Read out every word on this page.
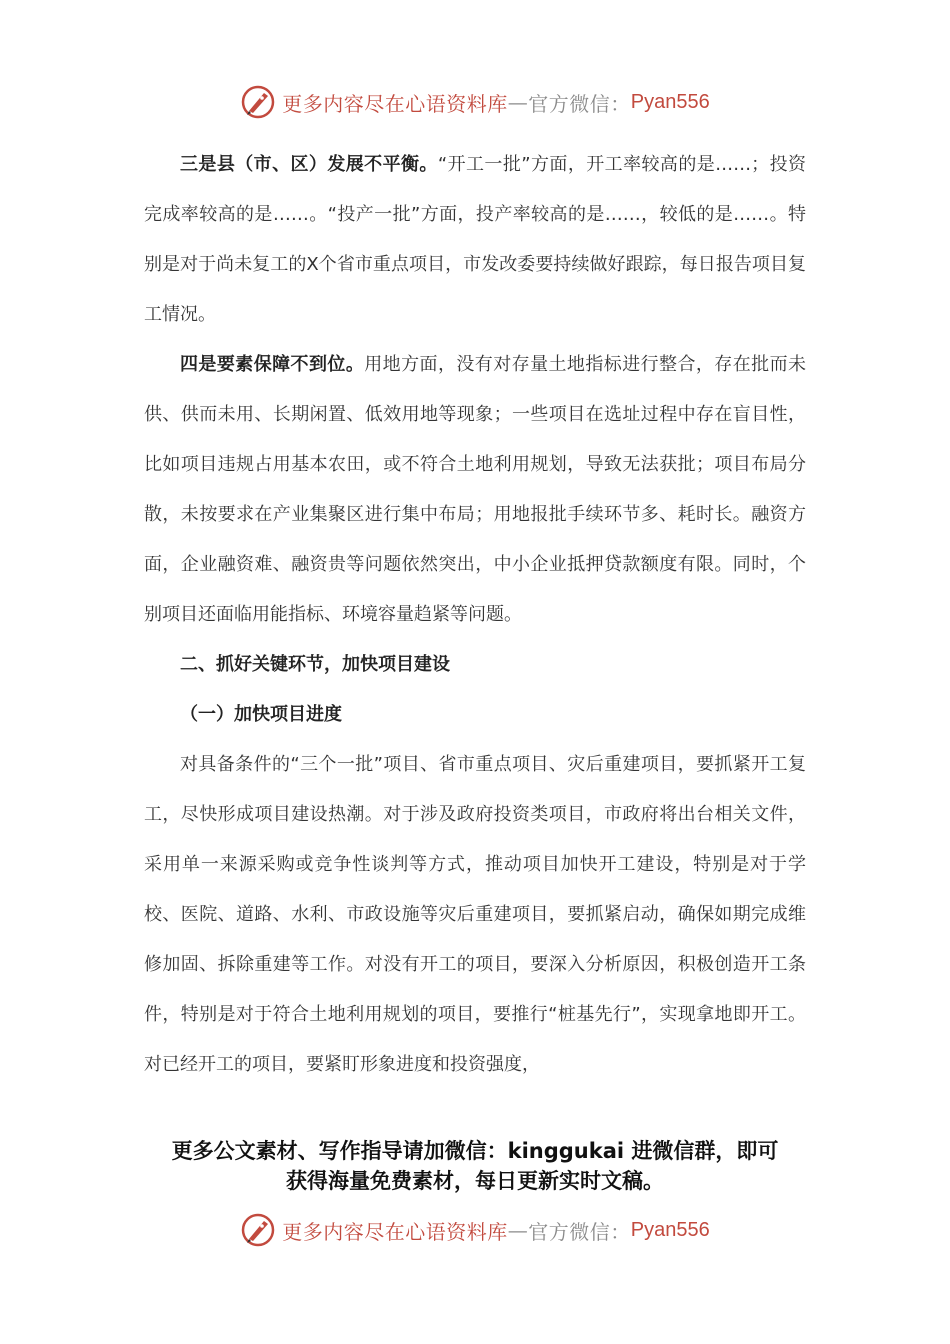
更多内容尽在心语资料库 — 官方微信： Pyan556

三是县（市、区）发展不平衡。“开工一批”方面，开工率较高的是……；投资完成率较高的是……。“投产一批”方面，投产率较高的是……，较低的是……。特别是对于尚未复工的X个省市重点项目，市发改委要持续做好跟踪，每日报告项目复工情况。

四是要素保障不到位。用地方面，没有对存量土地指标进行整合，存在批而未供、供而未用、长期闲置、低效用地等现象；一些项目在选址过程中存在盲目性，比如项目违规占用基本农田，或不符合土地利用规划，导致无法获批；项目布局分散，未按要求在产业集聚区进行集中布局；用地报批手续环节多、耗时长。融资方面，企业融资难、融资贵等问题依然突出，中小企业抵押贷款额度有限。同时，个别项目还面临用能指标、环境容量趋紧等问题。

二、抓好关键环节，加快项目建设

（一）加快项目进度

对具备条件的“三个一批”项目、省市重点项目、灾后重建项目，要抓紧开工复工，尽快形成项目建设热潮。对于涉及政府投资类项目，市政府将出台相关文件，采用单一来源采购或竞争性谈判等方式，推动项目加快开工建设，特别是对于学校、医院、道路、水利、市政设施等灾后重建项目，要抓紧启动，确保如期完成维修加固、拆除重建等工作。对没有开工的项目，要深入分析原因，积极创造开工条件，特别是对于符合土地利用规划的项目，要推行“桩基先行”，实现拿地即开工。对已经开工的项目，要紧盯形象进度和投资强度，

更多公文素材、写作指导请加微信：kinggukai 进微信群，即可
获得海量免费素材，每日更新实时文稿。
更多内容尽在心语资料库 — 官方微信： Pyan556
